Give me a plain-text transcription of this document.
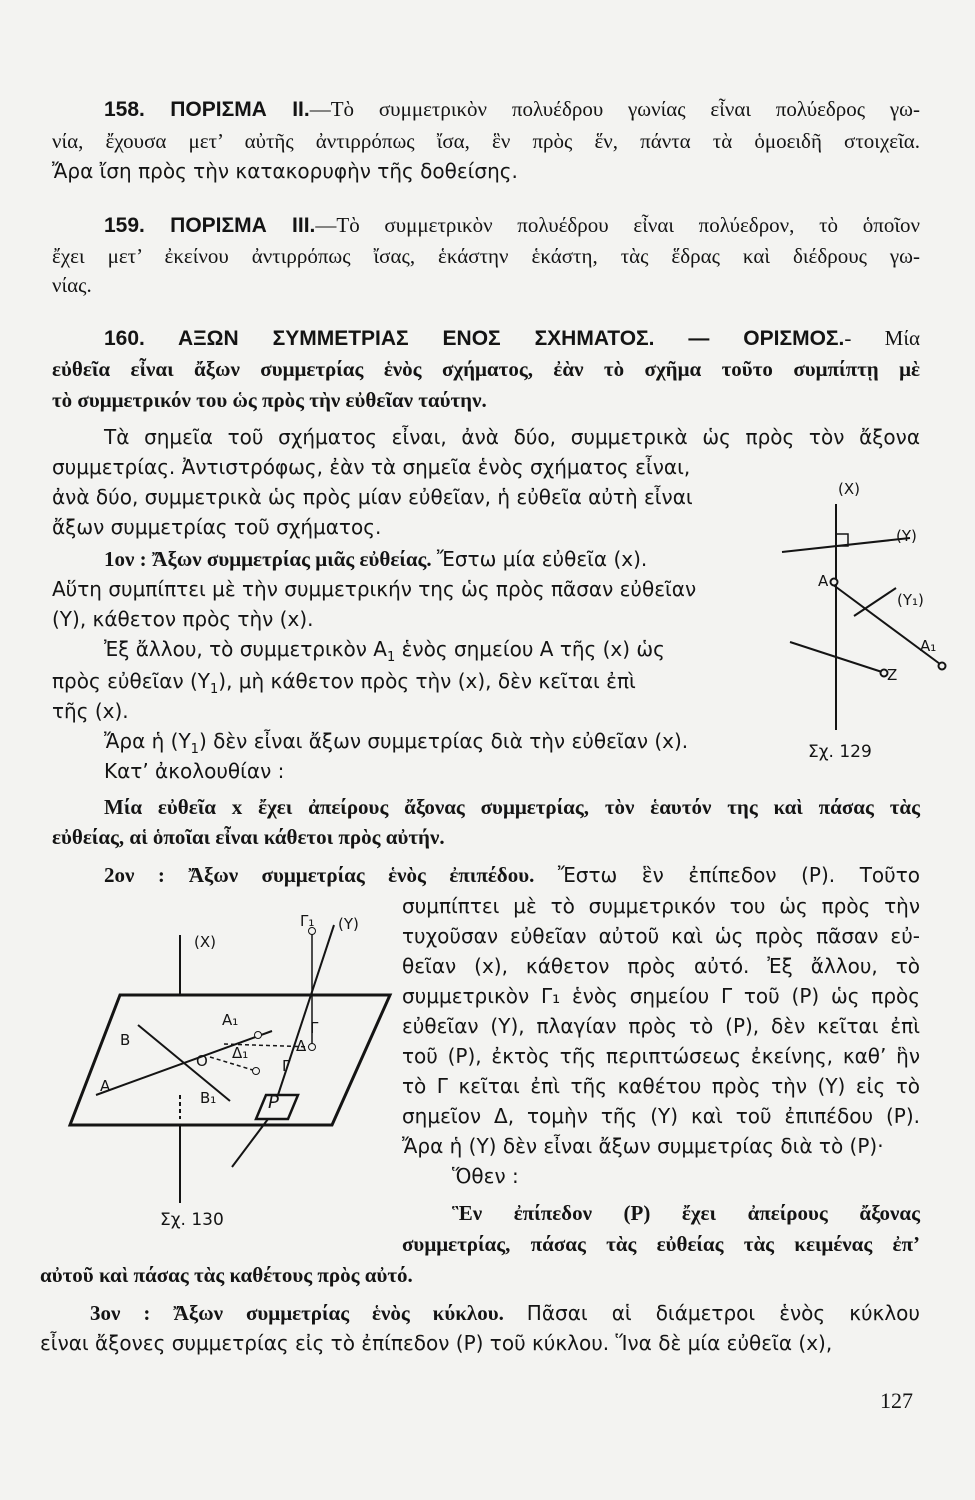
158. ΠΟΡΙΣΜΑ ΙΙ.—Τὸ συμμετρικὸν πολυέδρου γωνίας εἶναι πολύεδρος γω-
νία, ἔχουσα μετ’ αὐτῆς ἀντιρρόπως ἴσα, ἓν πρὸς ἕν, πάντα τὰ ὁμοειδῆ στοιχεῖα.
Ἄρα ἴση πρὸς τὴν κατακορυφὴν τῆς δοθείσης.
159. ΠΟΡΙΣΜΑ ΙΙΙ.—Τὸ συμμετρικὸν πολυέδρου εἶναι πολύεδρον, τὸ ὁποῖον
ἔχει μετ’ ἐκείνου ἀντιρρόπως ἴσας, ἑκάστην ἑκάστη, τὰς ἕδρας καὶ διέδρους γω-
νίας.
160. ΑΞΩΝ ΣΥΜΜΕΤΡΙΑΣ ΕΝΟΣ ΣΧΗΜΑΤΟΣ. — ΟΡΙΣΜΟΣ.- Μία
εὐθεῖα εἶναι ἄξων συμμετρίας ἑνὸς σχήματος, ἐὰν τὸ σχῆμα τοῦτο συμπίπτῃ μὲ
τὸ συμμετρικόν του ὡς πρὸς τὴν εὐθεῖαν ταύτην.
Τὰ σημεῖα τοῦ σχήματος εἶναι, ἀνὰ δύο, συμμετρικὰ ὡς πρὸς τὸν ἄξονα
συμμετρίας. Ἀντιστρόφως, ἐὰν τὰ σημεῖα ἑνὸς σχήματος εἶναι,
ἀνὰ δύο, συμμετρικὰ ὡς πρὸς μίαν εὐθεῖαν, ἡ εὐθεῖα αὐτὴ εἶναι
ἄξων συμμετρίας τοῦ σχήματος.
1ον : Ἄξων συμμετρίας μιᾶς εὐθείας. Ἔστω μία εὐθεῖα (x).
Αὕτη συμπίπτει μὲ τὴν συμμετρικήν της ὡς πρὸς πᾶσαν εὐθεῖαν
(Υ), κάθετον πρὸς τὴν (x).
Ἐξ ἄλλου, τὸ συμμετρικὸν $A_1$ ἑνὸς σημείου Α τῆς (x) ὡς
πρὸς εὐθεῖαν $(\Upsilon_1)$, μὴ κάθετον πρὸς τὴν (x), δὲν κεῖται ἐπὶ
τῆς (x).
Ἄρα ἡ $(\Upsilon_1)$ δὲν εἶναι ἄξων συμμετρίας διὰ τὴν εὐθεῖαν (x).
Κατ’ ἀκολουθίαν :
(X)
(Y)
A
(Y₁)
A₁
Z
Σχ. 129
Μία εὐθεῖα x ἔχει ἀπείρους ἄξονας συμμετρίας, τὸν ἑαυτόν της καὶ πάσας τὰς
εὐθείας, αἱ ὁποῖαι εἶναι κάθετοι πρὸς αὐτήν.
2ον : Ἄξων συμμετρίας ἑνὸς ἐπιπέδου. Ἔστω ἓν ἐπίπεδον (Ρ). Τοῦτο
συμπίπτει μὲ τὸ συμμετρικόν του ὡς πρὸς τὴν
τυχοῦσαν εὐθεῖαν αὐτοῦ καὶ ὡς πρὸς πᾶσαν εὐ-
θεῖαν (x), κάθετον πρὸς αὐτό. Ἐξ ἄλλου, τὸ
συμμετρικὸν Γ₁ ἑνὸς σημείου Γ τοῦ (Ρ) ὡς πρὸς
εὐθεῖαν (Υ), πλαγίαν πρὸς τὸ (Ρ), δὲν κεῖται ἐπὶ
τοῦ (Ρ), ἐκτὸς τῆς περιπτώσεως ἐκείνης, καθ’ ἣν
τὸ Γ κεῖται ἐπὶ τῆς καθέτου πρὸς τὴν (Υ) εἰς τὸ
σημεῖον Δ, τομὴν τῆς (Υ) καὶ τοῦ ἐπιπέδου (Ρ).
Ἄρα ἡ (Υ) δὲν εἶναι ἄξων συμμετρίας διὰ τὸ (Ρ)·
Ὅθεν :
(X)
Γ₁ (Y)
A₁
B
Γ
Δ₁	Δ
O	Γ
A
B₁	P
Σχ. 130	Ἓν ἐπίπεδον (Ρ) ἔχει ἀπείρους ἄξονας
συμμετρίας, πάσας τὰς εὐθείας τὰς κειμένας ἐπ’
αὐτοῦ καὶ πάσας τὰς καθέτους πρὸς αὐτό.
3ον : Ἄξων συμμετρίας ἑνὸς κύκλου. Πᾶσαι αἱ διάμετροι ἑνὸς κύκλου
εἶναι ἄξονες συμμετρίας εἰς τὸ ἐπίπεδον (Ρ) τοῦ κύκλου. Ἵνα δὲ μία εὐθεῖα (x),
127
